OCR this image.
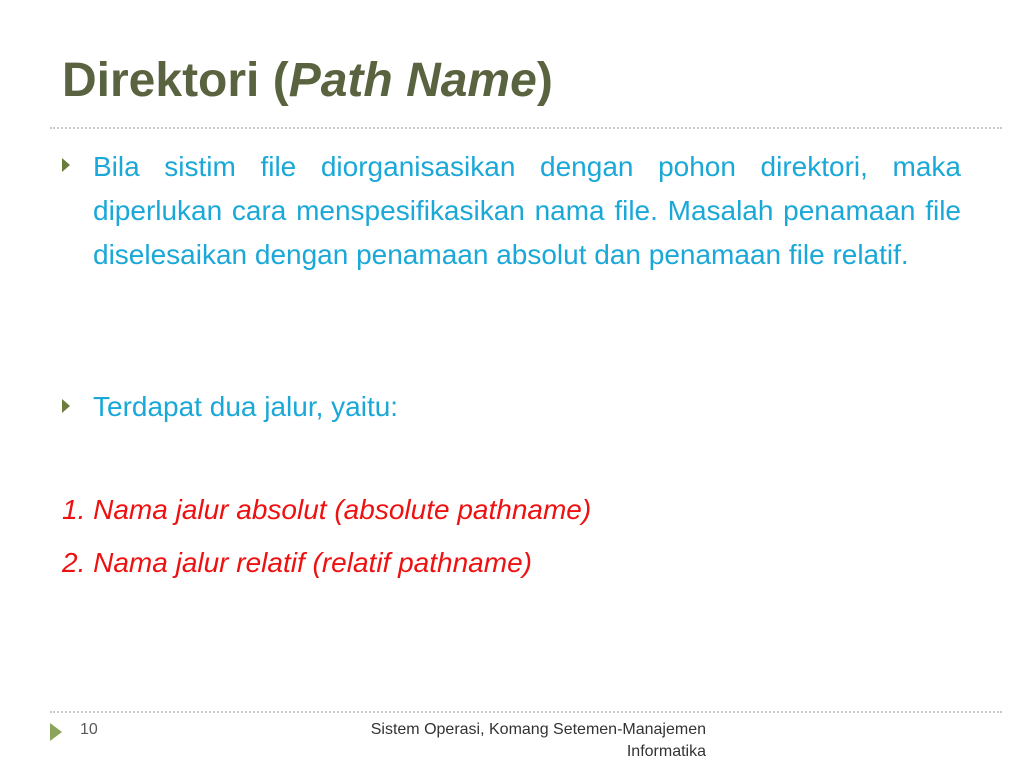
Direktori (Path Name)

Bila sistim file diorganisasikan dengan pohon direktori, maka diperlukan cara menspesifikasikan nama file. Masalah penamaan file diselesaikan dengan penamaan absolut dan penamaan file relatif.

Terdapat dua jalur, yaitu:

1. Nama jalur absolut (absolute pathname)

2. Nama jalur relatif (relatif pathname)

10	Sistem Operasi, Komang Setemen-Manajemen
Informatika
